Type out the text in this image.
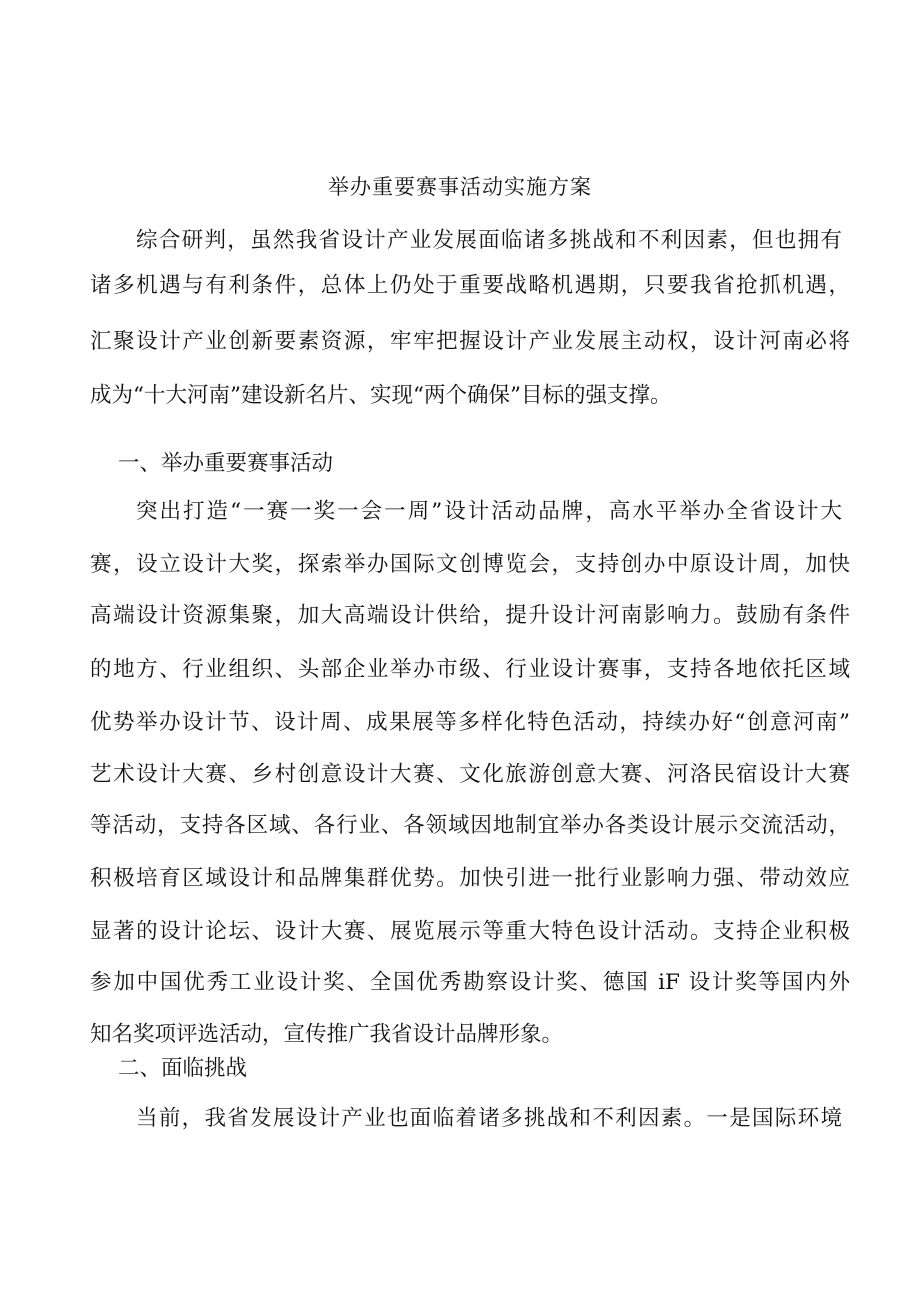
举办重要赛事活动实施方案
综合研判，虽然我省设计产业发展面临诸多挑战和不利因素，但也拥有
诸多机遇与有利条件，总体上仍处于重要战略机遇期，只要我省抢抓机遇，
汇聚设计产业创新要素资源，牢牢把握设计产业发展主动权，设计河南必将
成为“十大河南”建设新名片、实现“两个确保”目标的强支撑。
一、举办重要赛事活动
突出打造“一赛一奖一会一周”设计活动品牌，高水平举办全省设计大
赛，设立设计大奖，探索举办国际文创博览会，支持创办中原设计周，加快
高端设计资源集聚，加大高端设计供给，提升设计河南影响力。鼓励有条件
的地方、行业组织、头部企业举办市级、行业设计赛事，支持各地依托区域
优势举办设计节、设计周、成果展等多样化特色活动，持续办好“创意河南”
艺术设计大赛、乡村创意设计大赛、文化旅游创意大赛、河洛民宿设计大赛
等活动，支持各区域、各行业、各领域因地制宜举办各类设计展示交流活动，
积极培育区域设计和品牌集群优势。加快引进一批行业影响力强、带动效应
显著的设计论坛、设计大赛、展览展示等重大特色设计活动。支持企业积极
参加中国优秀工业设计奖、全国优秀勘察设计奖、德国 iF 设计奖等国内外
知名奖项评选活动，宣传推广我省设计品牌形象。
二、面临挑战
当前，我省发展设计产业也面临着诸多挑战和不利因素。一是国际环境
